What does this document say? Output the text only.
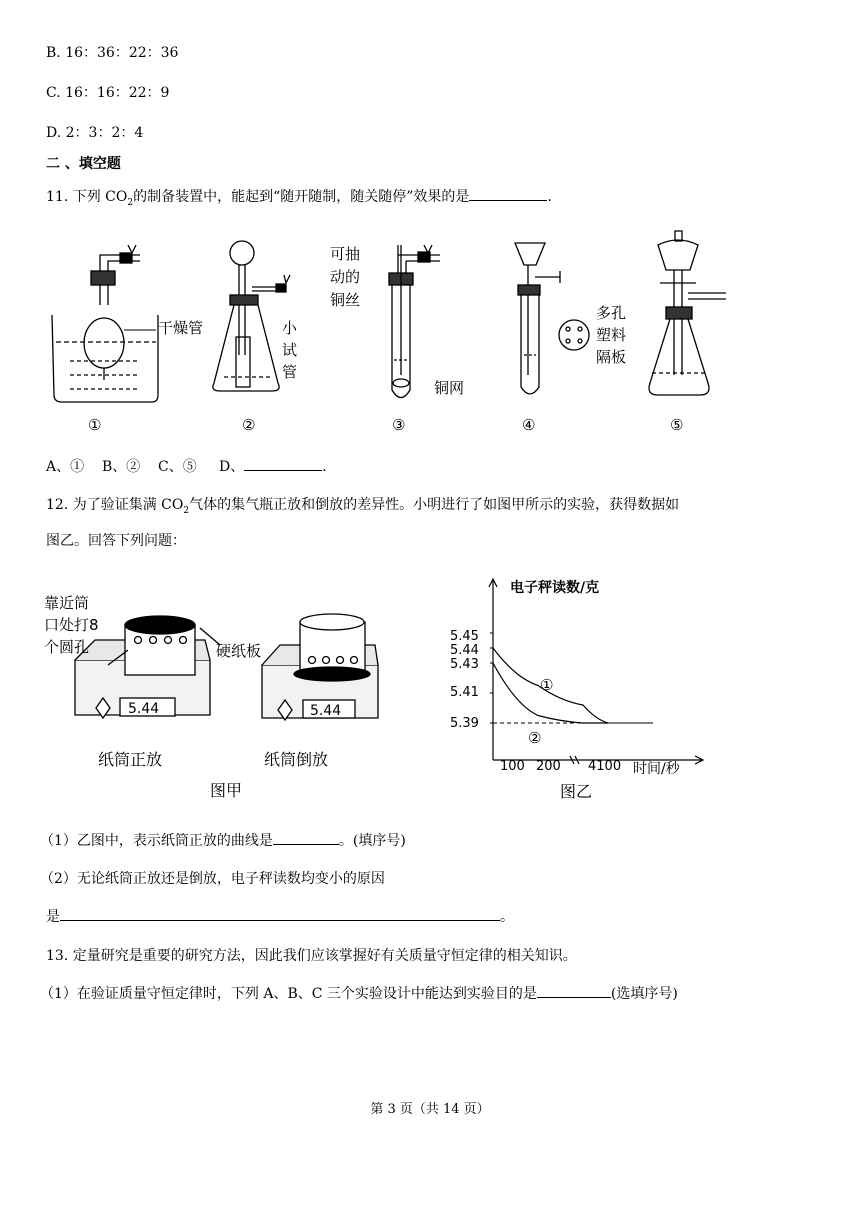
B. 16：36：22：36
C. 16：16：22：9
D. 2：3：2：4
二 、填空题
11. 下列 $CO_2$的制备装置中，能起到“随开随制，随关随停”效果的是	.
干燥管	小
试
管
可抽
动的
铜丝
铜网
多孔
塑料
隔板
①	②	③	④	⑤
A、① B、② C、⑤ D、	.
12. 为了验证集满 $CO_2$气体的集气瓶正放和倒放的差异性。小明进行了如图甲所示的实验，获得数据如
图乙。回答下列问题：
靠近筒
口处打8
个圆孔	硬纸板
5.44	5.44
纸筒正放	纸筒倒放
图甲
电子秤读数/克
5.45
5.44
5.43
5.41
5.39
100 200 4100 时间/秒
①
②
图乙
（1）乙图中，表示纸筒正放的曲线是	。(填序号)
（2）无论纸筒正放还是倒放，电子秤读数均变小的原因
是	。
13. 定量研究是重要的研究方法，因此我们应该掌握好有关质量守恒定律的相关知识。
（1）在验证质量守恒定律时，下列 A、B、C 三个实验设计中能达到实验目的是	(选填序号)
第 3 页（共 14 页）
